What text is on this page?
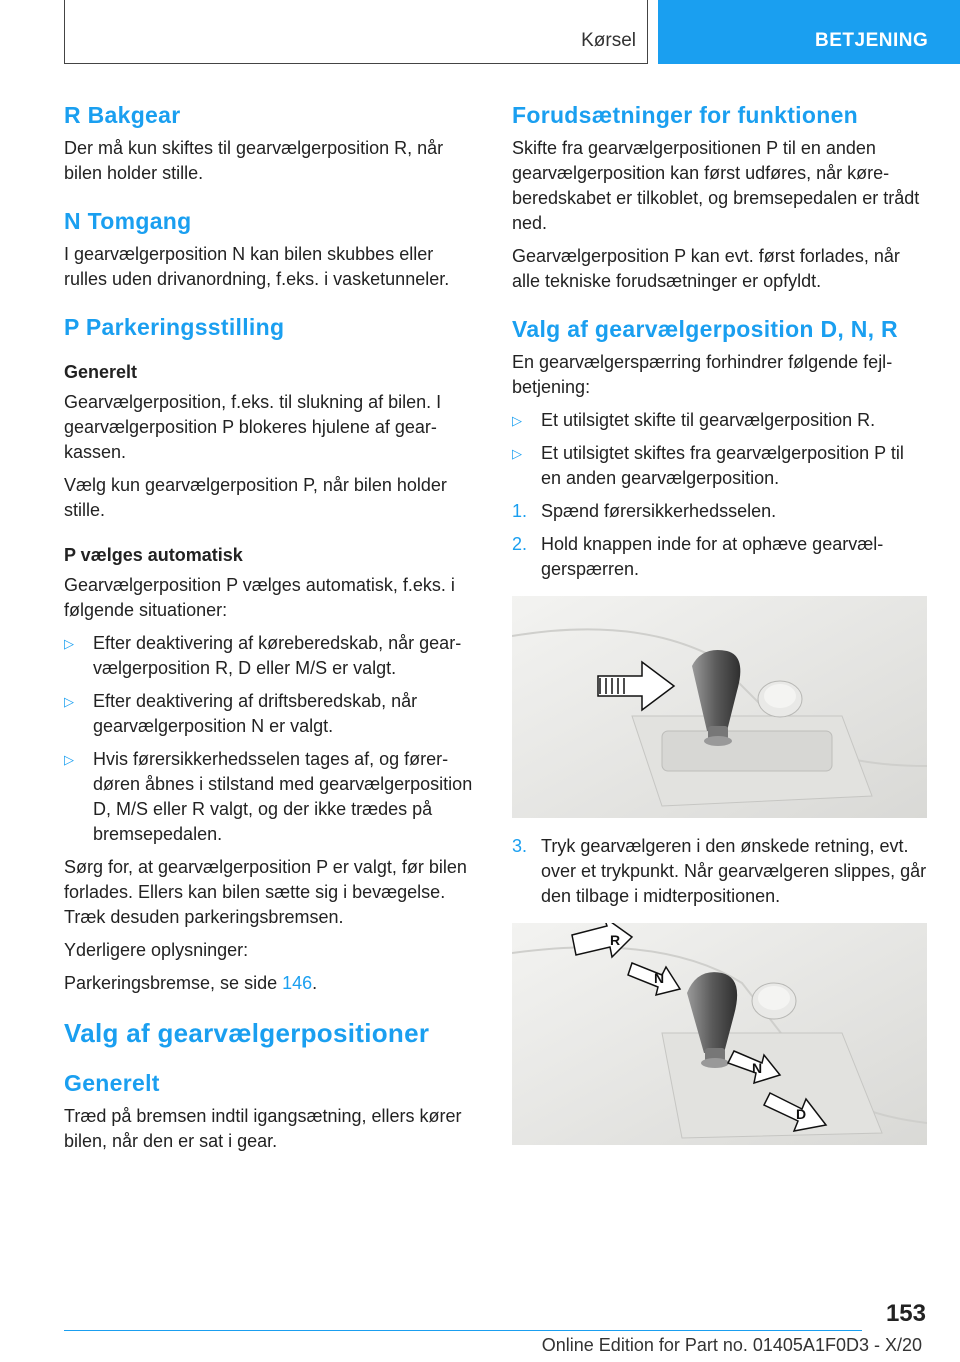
Kørsel	BETJENING
R Bakgear

Der må kun skiftes til gearvælgerposition R, når bilen holder stille.

N Tomgang

I gearvælgerposition N kan bilen skubbes eller rulles uden drivanordning, f.eks. i vasketunneler.

P Parkeringsstilling
Generelt

Gearvælgerposition, f.eks. til slukning af bilen. I gearvælgerposition P blokeres hjulene af gearkassen.

Vælg kun gearvælgerposition P, når bilen holder stille.

P vælges automatisk

Gearvælgerposition P vælges automatisk, f.eks. i følgende situationer:

▷ Efter deaktivering af køreberedskab, når gearvælgerposition R, D eller M/S er valgt.
▷ Efter deaktivering af driftsberedskab, når gearvælgerposition N er valgt.
▷ Hvis førersikkerhedsselen tages af, og førerdøren åbnes i stilstand med gearvælgerposition D, M/S eller R valgt, og der ikke trædes på bremsepedalen.

Sørg for, at gearvælgerposition P er valgt, før bilen forlades. Ellers kan bilen sætte sig i bevægelse. Træk desuden parkeringsbremsen.

Yderligere oplysninger:

Parkeringsbremse, se side 146.

Valg af gearvælgerpositioner
Generelt

Træd på bremsen indtil igangsætning, ellers kører bilen, når den er sat i gear.

Forudsætninger for funktionen

Skifte fra gearvælgerpositionen P til en anden gearvælgerposition kan først udføres, når køreberedskabet er tilkoblet, og bremsepedalen er trådt ned.

Gearvælgerposition P kan evt. først forlades, når alle tekniske forudsætninger er opfyldt.

Valg af gearvælgerposition D, N, R

En gearvælgerspærring forhindrer følgende fejlbetjening:

▷ Et utilsigtet skifte til gearvælgerposition R.
▷ Et utilsigtet skiftes fra gearvælgerposition P til en anden gearvælgerposition.
1. Spænd førersikkerhedsselen.
2. Hold knappen inde for at ophæve gearvælgerspærren.
3. Tryk gearvælgeren i den ønskede retning, evt. over et trykpunkt. Når gearvælgeren slippes, går den tilbage i midterpositionen.
R
N
N
D
153
Online Edition for Part no. 01405A1F0D3 - X/20
